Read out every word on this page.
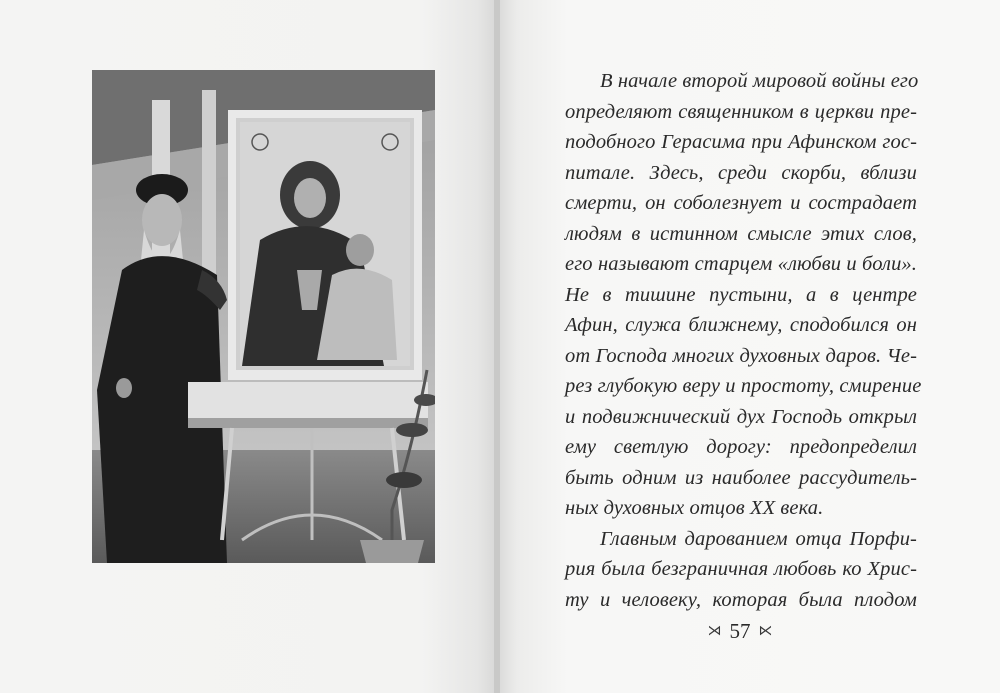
В начале второй мировой войны его
определяют священником в церкви пре-
подобного Герасима при Афинском гос-
питале. Здесь, среди скорби, вблизи
смерти, он соболезнует и сострадает
людям в истинном смысле этих слов,
его называют старцем «любви и боли».
Не в тишине пустыни, а в центре
Афин, служа ближнему, сподобился он
от Господа многих духовных даров. Че-
рез глубокую веру и простоту, смирение
и подвижнический дух Господь открыл
ему светлую дорогу: предопределил
быть одним из наиболее рассудитель-
ных духовных отцов XX века.
Главным дарованием отца Порфи-
рия была безграничная любовь ко Хрис-
ту и человеку, которая была плодом
⋊ 57 ⋉
